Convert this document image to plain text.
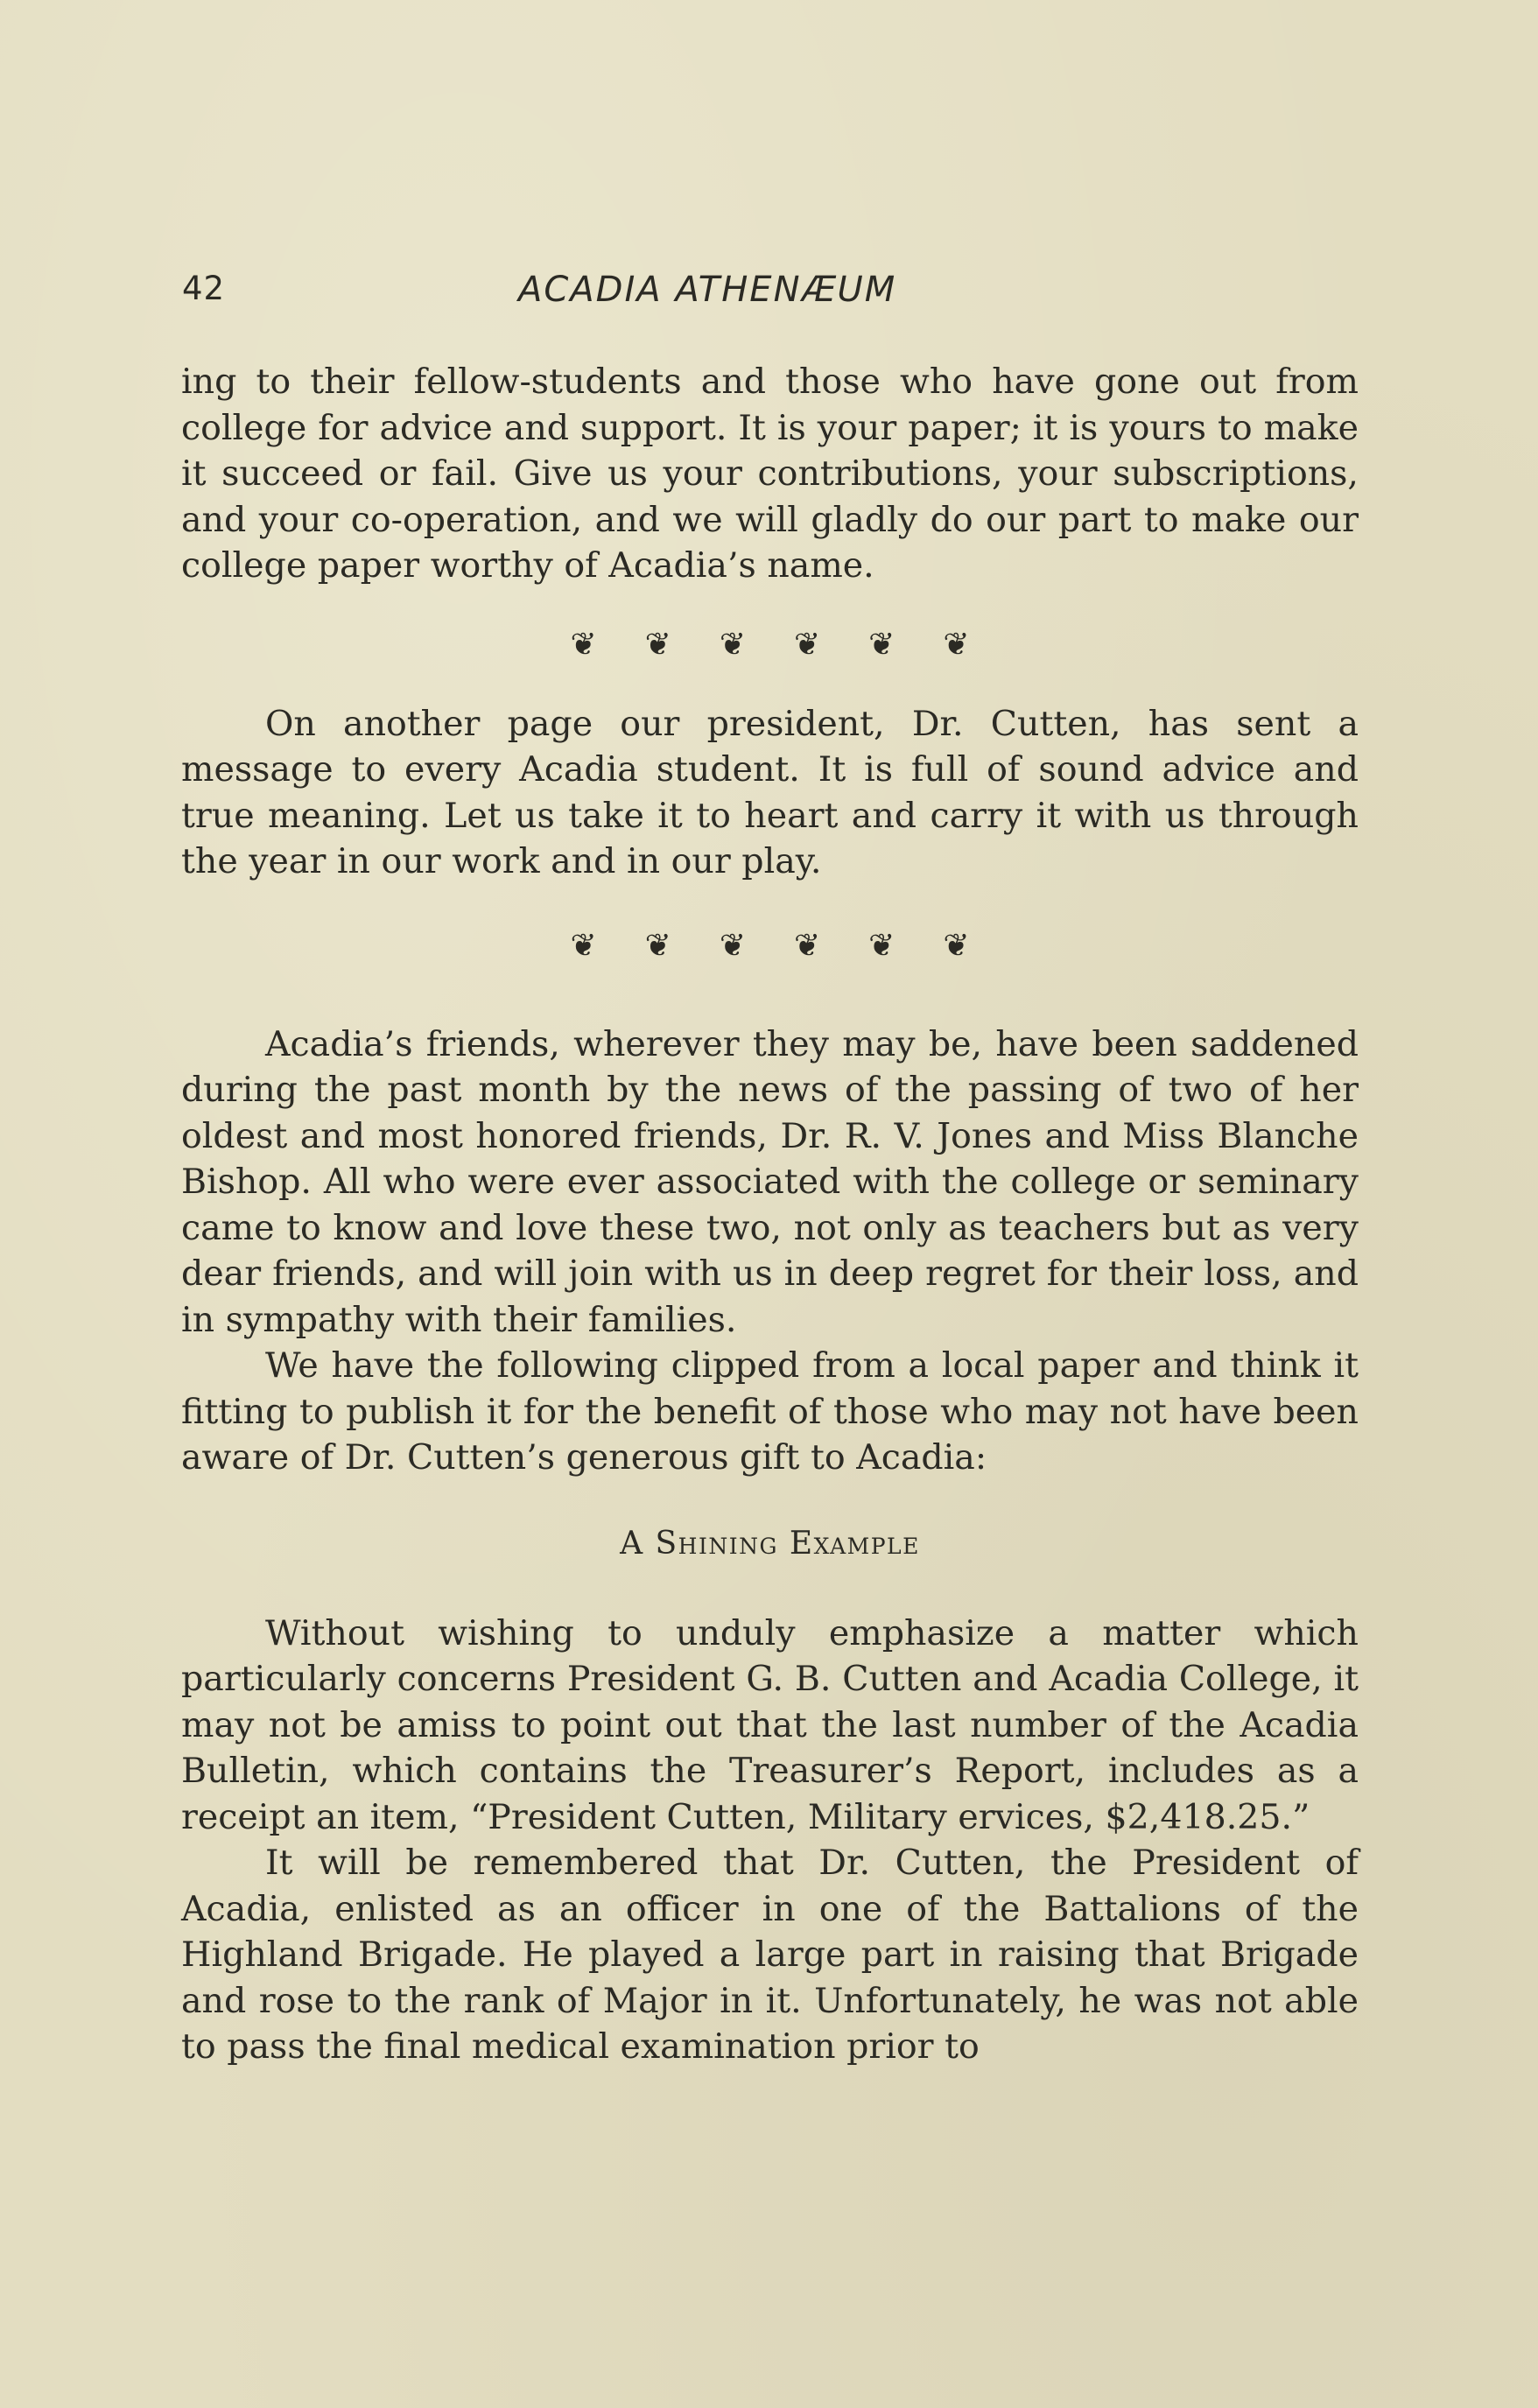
42	ACADIA ATHENÆUM

ing to their fellow-students and those who have gone out from college for advice and support. It is your paper; it is yours to make it succeed or fail. Give us your contributions, your subscriptions, and your co-operation, and we will gladly do our part to make our college paper worthy of Acadia’s name.

❦❦❦❦❦❦

On another page our president, Dr. Cutten, has sent a message to every Acadia student. It is full of sound advice and true meaning. Let us take it to heart and carry it with us through the year in our work and in our play.

❦❦❦❦❦❦

Acadia’s friends, wherever they may be, have been saddened during the past month by the news of the passing of two of her oldest and most honored friends, Dr. R. V. Jones and Miss Blanche Bishop. All who were ever associated with the college or seminary came to know and love these two, not only as teachers but as very dear friends, and will join with us in deep regret for their loss, and in sympathy with their families.

We have the following clipped from a local paper and think it fitting to publish it for the benefit of those who may not have been aware of Dr. Cutten’s generous gift to Acadia:

A Shining Example

Without wishing to unduly emphasize a matter which particularly concerns President G. B. Cutten and Acadia College, it may not be amiss to point out that the last number of the Acadia Bulletin, which contains the Treasurer’s Report, includes as a receipt an item, “President Cutten, Military ervices, $2,418.25.”

It will be remembered that Dr. Cutten, the President of Acadia, enlisted as an officer in one of the Battalions of the Highland Brigade. He played a large part in raising that Brigade and rose to the rank of Major in it. Unfortunately, he was not able to pass the final medical examination prior to
